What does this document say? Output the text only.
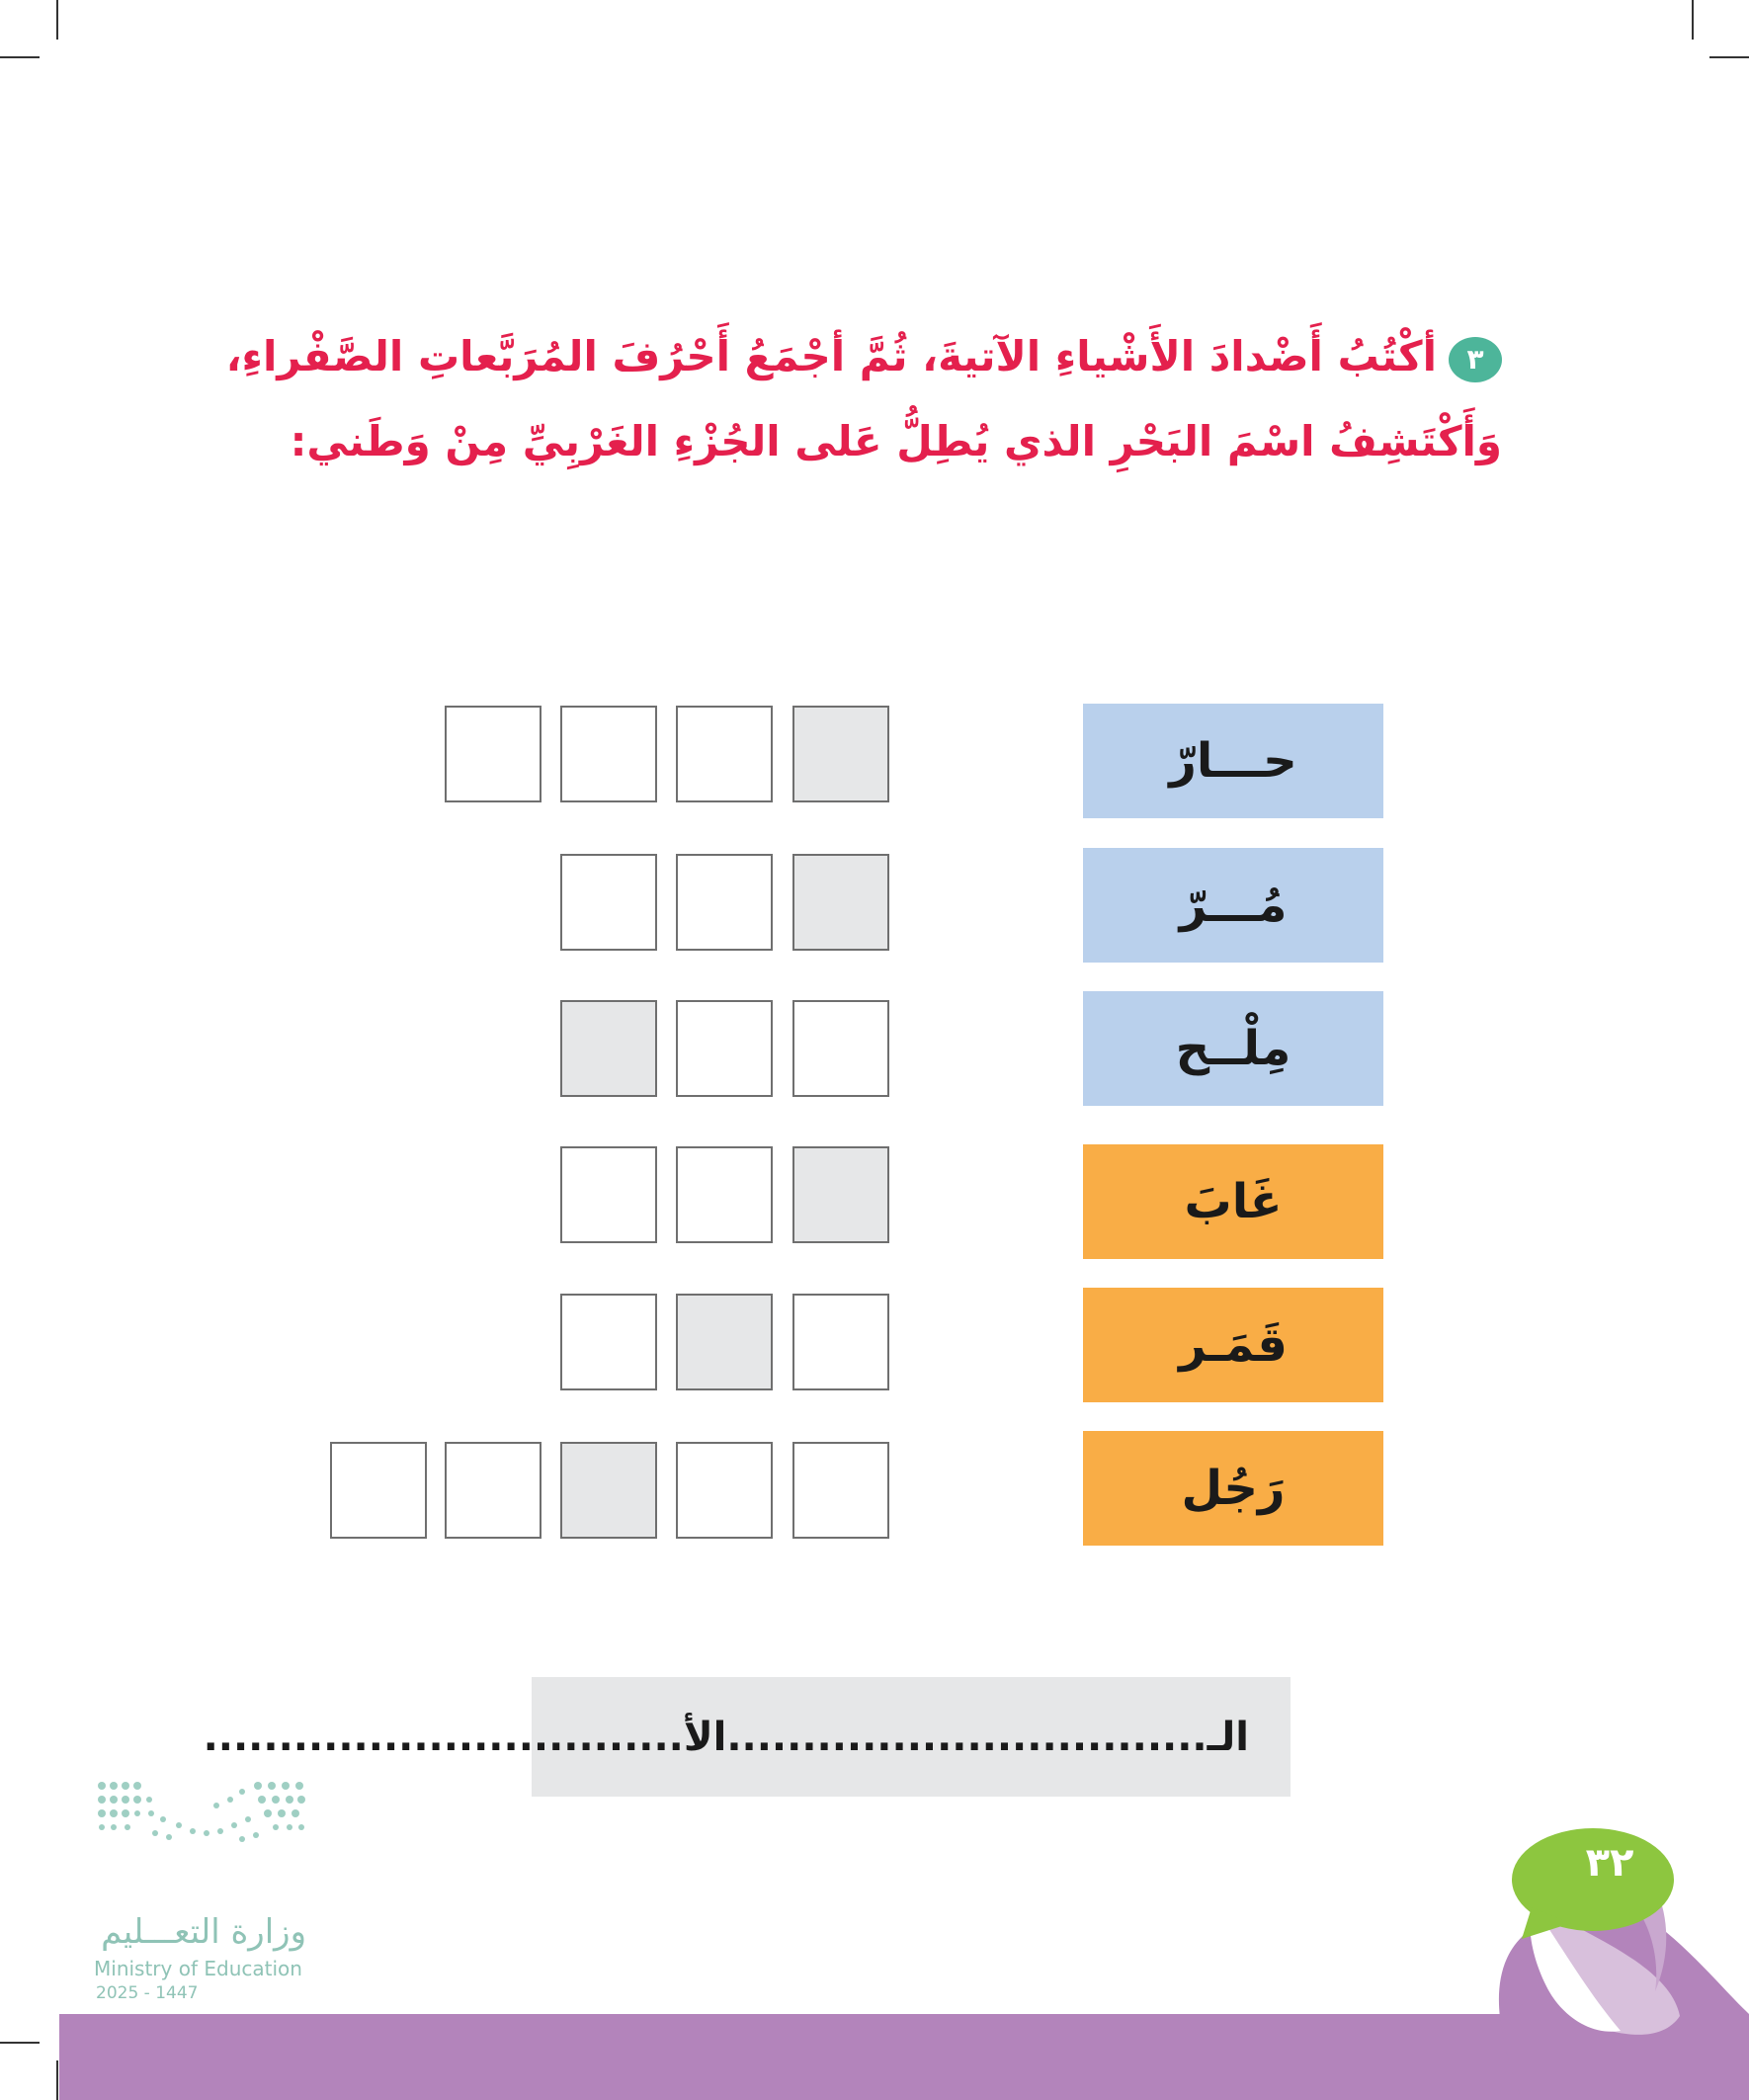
٣أكْتُبُ أَضْدادَ الأَشْياءِ الآتيةَ، ثُمَّ أجْمَعُ أَحْرُفَ المُرَبَّعاتِ الصَّفْراءِ،
وَأَكْتَشِفُ اسْمَ البَحْرِ الذي يُطِلُّ عَلى الجُزْءِ الغَرْبِيِّ مِنْ وَطَني:
حـــارّ
مُـــرّ
مِلْــح
غَابَ
قَمَـر
رَجُل
الـ
................................
الأ
................................
وزارة التعـــليم
Ministry of Education
2025 - 1447
٣٢
